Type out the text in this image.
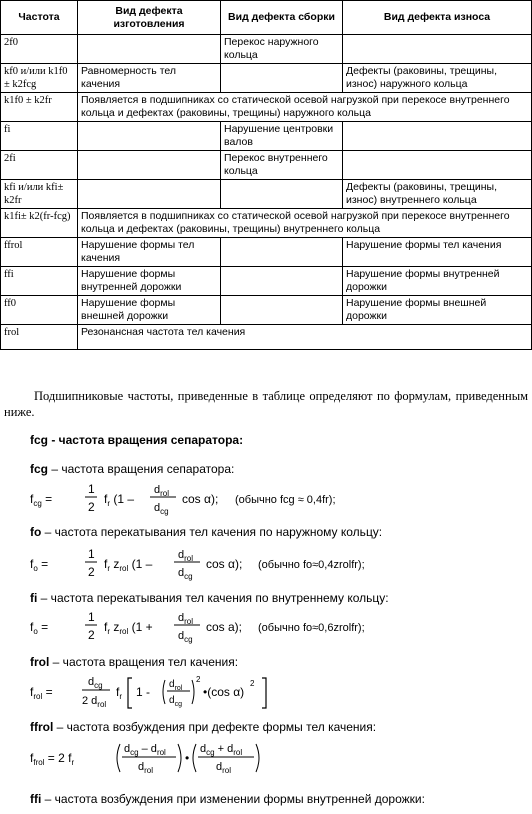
Частота	Вид дефекта изготовления	Вид дефекта сборки	Вид дефекта износа
2f0		Перекос наружного кольца	
kf0 и/или k1f0 ± k2fcg	Равномерность тел качения		Дефекты (раковины, трещины, износ) наружного кольца
k1f0 ± k2fr	Появляется в подшипниках со статической осевой нагрузкой при перекосе внутреннего кольца и дефектах (раковины, трещины) наружного кольца		
fi		Нарушение центровки валов	
2fi		Перекос внутреннего кольца	
kfi и/или kfi± k2fr			Дефекты (раковины, трещины, износ) внутреннего кольца
k1fi± k2(fr-fcg)	Появляется в подшипниках со статической осевой нагрузкой при перекосе внутреннего кольца и дефектах (раковины, трещины) внутреннего кольца		
ffrol	Нарушение формы тел качения		Нарушение формы тел качения
ffi	Нарушение формы внутренней дорожки		Нарушение формы внутренней дорожки
ff0	Нарушение формы внешней дорожки		Нарушение формы внешней дорожки
frol	Резонансная частота тел качения		
Подшипниковые частоты, приведенные в таблице определяют по формулам, приведенным ниже.
fcg - частота вращения сепаратора:
fcg – частота вращения сепаратора:
$f_{cg}$ =
1
2
$f_r$ (1 –
$d_{rol}$
$d_{cg}$
cos α); (обычно fcg ≈ 0,4fr);
fo – частота перекатывания тел качения по наружному кольцу:
$f_o$ =
1
2
$f_r$ $z_{rol}$ (1 –
$d_{rol}$
$d_{cg}$
cos α); (обычно fo≈0,4zrolfr);
fi – частота перекатывания тел качения по внутреннему кольцу:
$f_o$ =
1
2
$f_r$ $z_{rol}$ (1 +
$d_{rol}$
$d_{cg}$
cos a); (обычно fo≈0,6zrolfr);
frol – частота вращения тел качения:
$f_{rol}$ =
$d_{cg}$
2 $d_{rol}$
$f_r$ 1 -
$d_{rol}$
$d_{cg}$
2
•(cos α)
2
ffrol – частота возбуждения при дефекте формы тел качения:
$f_{frol} = 2$ $f_r$
$d_{cg} - d_{rol}$
$d_{rol}$
•
$d_{cg} + d_{rol}$
$d_{rol}$
ffi – частота возбуждения при изменении формы внутренней дорожки:
